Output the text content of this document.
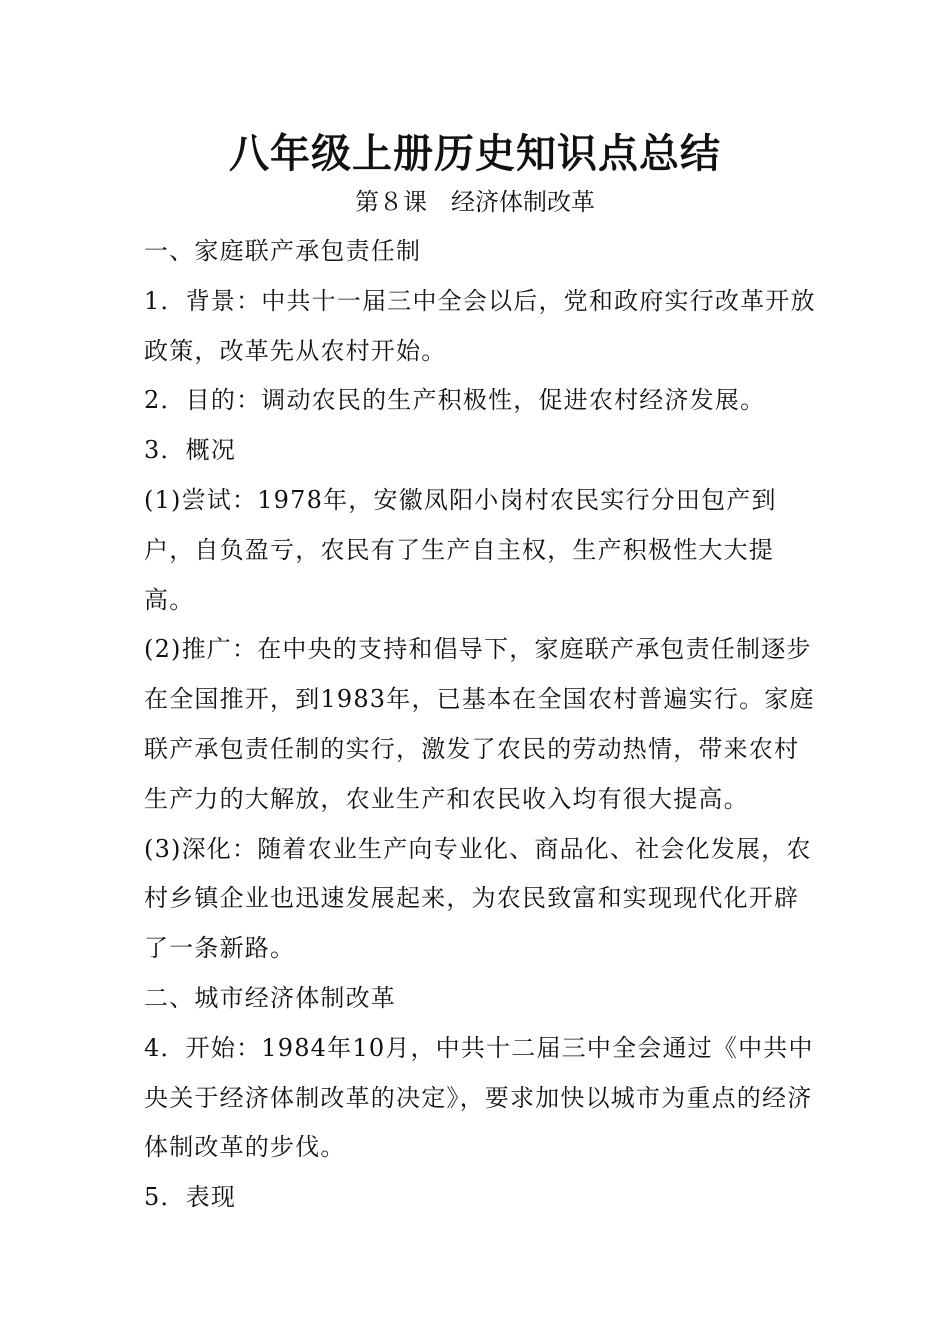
八年级上册历史知识点总结
第８课　经济体制改革

一、家庭联产承包责任制

1．背景：中共十一届三中全会以后，党和政府实行改革开放政策，改革先从农村开始。

2．目的：调动农民的生产积极性，促进农村经济发展。

3．概况

(1)尝试：1978年，安徽凤阳小岗村农民实行分田包产到户，自负盈亏，农民有了生产自主权，生产积极性大大提高。

(2)推广：在中央的支持和倡导下，家庭联产承包责任制逐步在全国推开，到1983年，已基本在全国农村普遍实行。家庭联产承包责任制的实行，激发了农民的劳动热情，带来农村生产力的大解放，农业生产和农民收入均有很大提高。

(3)深化：随着农业生产向专业化、商品化、社会化发展，农村乡镇企业也迅速发展起来，为农民致富和实现现代化开辟了一条新路。

二、城市经济体制改革

4．开始：1984年10月，中共十二届三中全会通过《中共中央关于经济体制改革的决定》，要求加快以城市为重点的经济体制改革的步伐。

5．表现
